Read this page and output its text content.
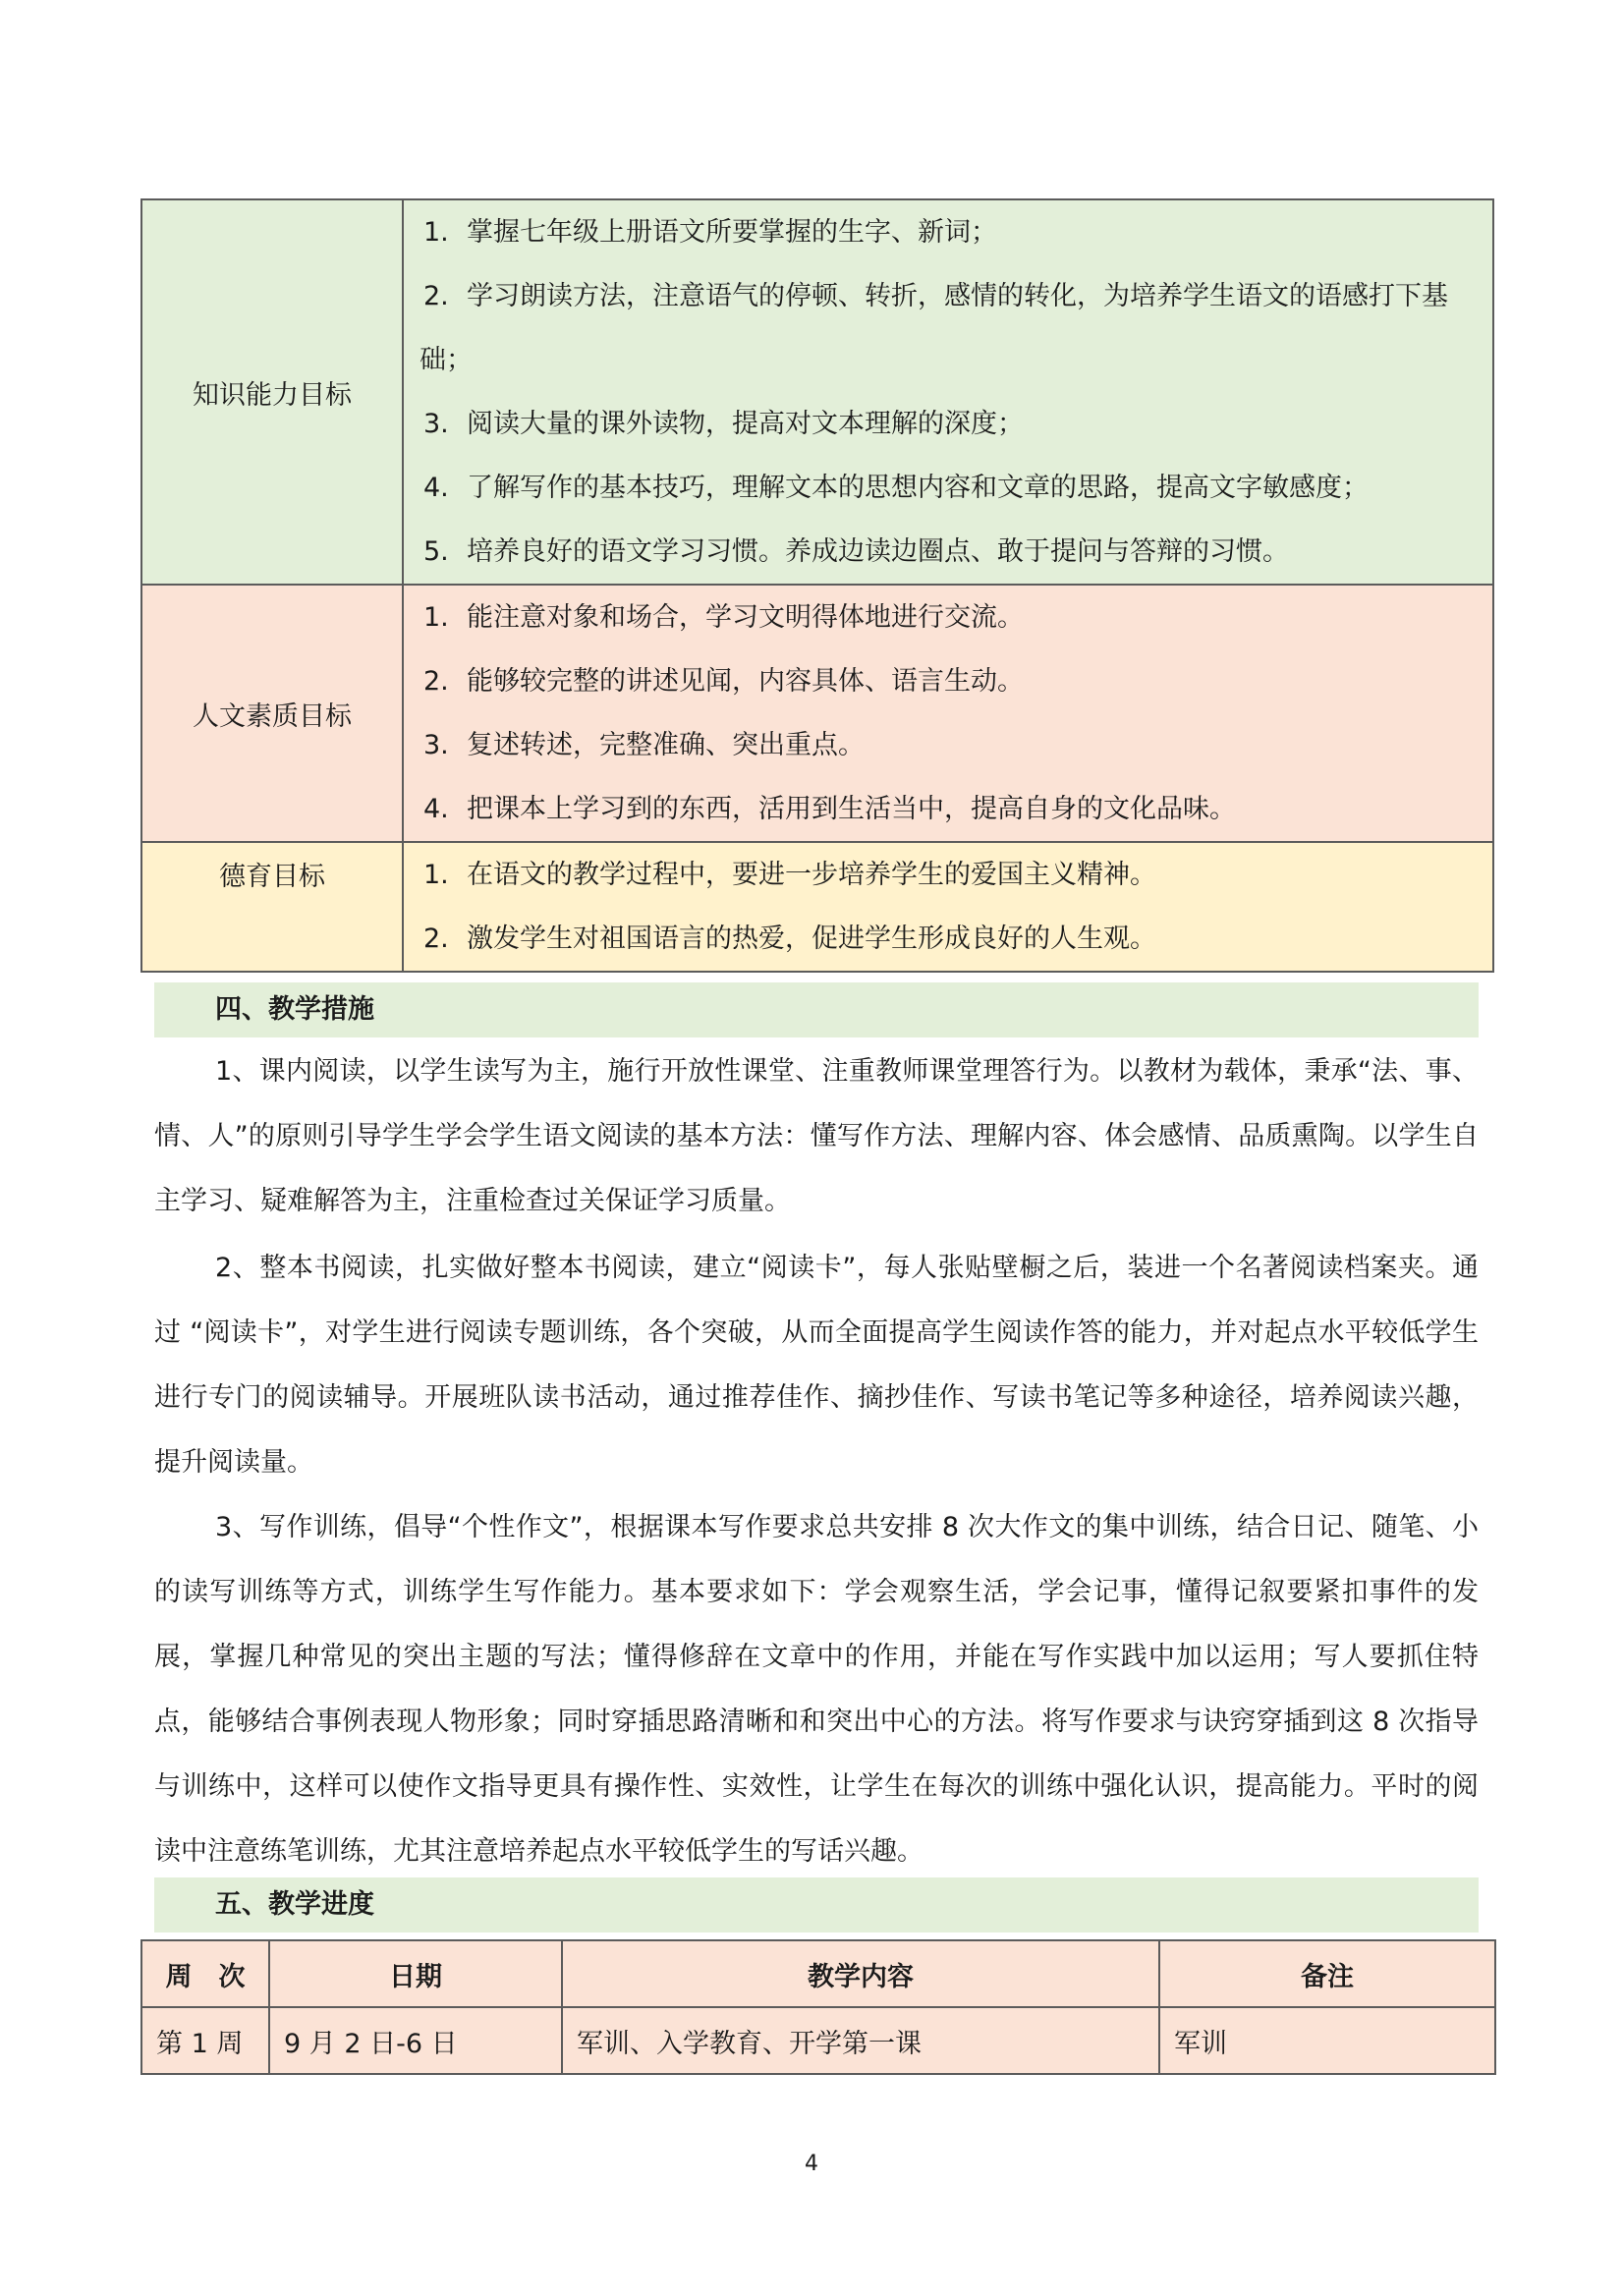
知识能力目标	1. 掌握七年级上册语文所要掌握的生字、新词；
2. 学习朗读方法，注意语气的停顿、转折，感情的转化，为培养学生语文的语感打下基础；
3. 阅读大量的课外读物，提高对文本理解的深度；
4. 了解写作的基本技巧，理解文本的思想内容和文章的思路，提高文字敏感度；
5. 培养良好的语文学习习惯。养成边读边圈点、敢于提问与答辩的习惯。

人文素质目标	1. 能注意对象和场合，学习文明得体地进行交流。
2. 能够较完整的讲述见闻，内容具体、语言生动。
3. 复述转述，完整准确、突出重点。
4. 把课本上学习到的东西，活用到生活当中，提高自身的文化品味。

德育目标	1. 在语文的教学过程中，要进一步培养学生的爱国主义精神。
2. 激发学生对祖国语言的热爱，促进学生形成良好的人生观。
四、教学措施

1、课内阅读，以学生读写为主，施行开放性课堂、注重教师课堂理答行为。以教材为载体，秉承“法、事、情、人”的原则引导学生学会学生语文阅读的基本方法：懂写作方法、理解内容、体会感情、品质熏陶。以学生自主学习、疑难解答为主，注重检查过关保证学习质量。

2、整本书阅读，扎实做好整本书阅读，建立“阅读卡”，每人张贴壁橱之后，装进一个名著阅读档案夹。通过 “阅读卡”，对学生进行阅读专题训练，各个突破，从而全面提高学生阅读作答的能力，并对起点水平较低学生进行专门的阅读辅导。开展班队读书活动，通过推荐佳作、摘抄佳作、写读书笔记等多种途径，培养阅读兴趣，提升阅读量。

3、写作训练，倡导“个性作文”，根据课本写作要求总共安排 8 次大作文的集中训练，结合日记、随笔、小的读写训练等方式，训练学生写作能力。基本要求如下：学会观察生活，学会记事，懂得记叙要紧扣事件的发展，掌握几种常见的突出主题的写法；懂得修辞在文章中的作用，并能在写作实践中加以运用；写人要抓住特点，能够结合事例表现人物形象；同时穿插思路清晰和和突出中心的方法。将写作要求与诀窍穿插到这 8 次指导与训练中，这样可以使作文指导更具有操作性、实效性，让学生在每次的训练中强化认识，提高能力。平时的阅读中注意练笔训练，尤其注意培养起点水平较低学生的写话兴趣。

五、教学进度
周　次	日期	教学内容	备注
第 1 周	9 月 2 日-6 日	军训、入学教育、开学第一课	军训
4
